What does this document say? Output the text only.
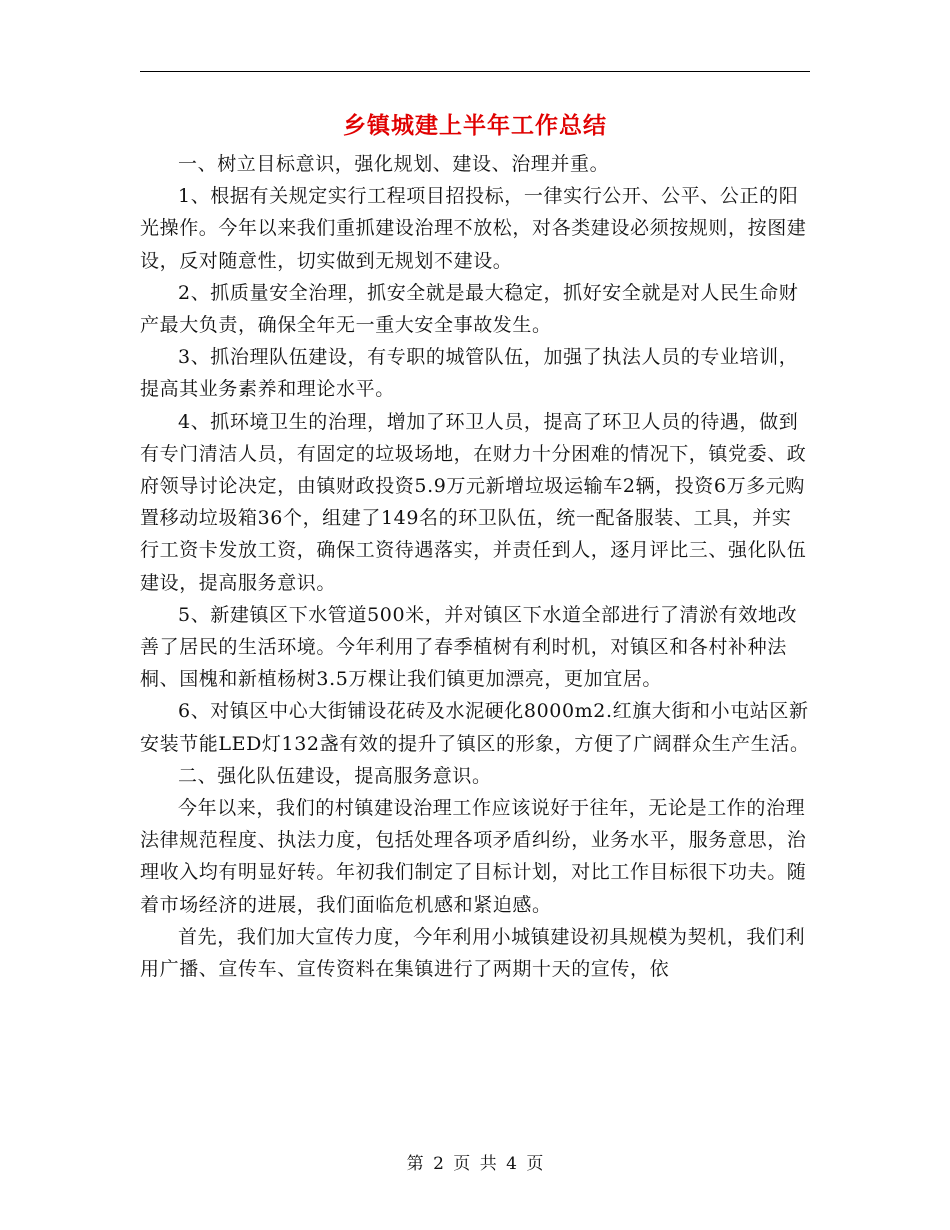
乡镇城建上半年工作总结

一、树立目标意识，强化规划、建设、治理并重。

1、根据有关规定实行工程项目招投标，一律实行公开、公平、公正的阳光操作。今年以来我们重抓建设治理不放松，对各类建设必须按规则，按图建设，反对随意性，切实做到无规划不建设。

2、抓质量安全治理，抓安全就是最大稳定，抓好安全就是对人民生命财产最大负责，确保全年无一重大安全事故发生。

3、抓治理队伍建设，有专职的城管队伍，加强了执法人员的专业培训，提高其业务素养和理论水平。

4、抓环境卫生的治理，增加了环卫人员，提高了环卫人员的待遇，做到有专门清洁人员，有固定的垃圾场地，在财力十分困难的情况下，镇党委、政府领导讨论决定，由镇财政投资5.9万元新增垃圾运输车2辆，投资6万多元购置移动垃圾箱36个，组建了149名的环卫队伍，统一配备服装、工具，并实行工资卡发放工资，确保工资待遇落实，并责任到人，逐月评比三、强化队伍建设，提高服务意识。

5、新建镇区下水管道500米，并对镇区下水道全部进行了清淤有效地改善了居民的生活环境。今年利用了春季植树有利时机，对镇区和各村补种法桐、国槐和新植杨树3.5万棵让我们镇更加漂亮，更加宜居。

6、对镇区中心大街铺设花砖及水泥硬化8000m2.红旗大街和小屯站区新安装节能LED灯132盏有效的提升了镇区的形象，方便了广阔群众生产生活。

二、强化队伍建设，提高服务意识。

今年以来，我们的村镇建设治理工作应该说好于往年，无论是工作的治理法律规范程度、执法力度，包括处理各项矛盾纠纷，业务水平，服务意思，治理收入均有明显好转。年初我们制定了目标计划，对比工作目标很下功夫。随着市场经济的进展，我们面临危机感和紧迫感。

首先，我们加大宣传力度，今年利用小城镇建设初具规模为契机，我们利用广播、宣传车、宣传资料在集镇进行了两期十天的宣传，依

第 2 页 共 4 页
